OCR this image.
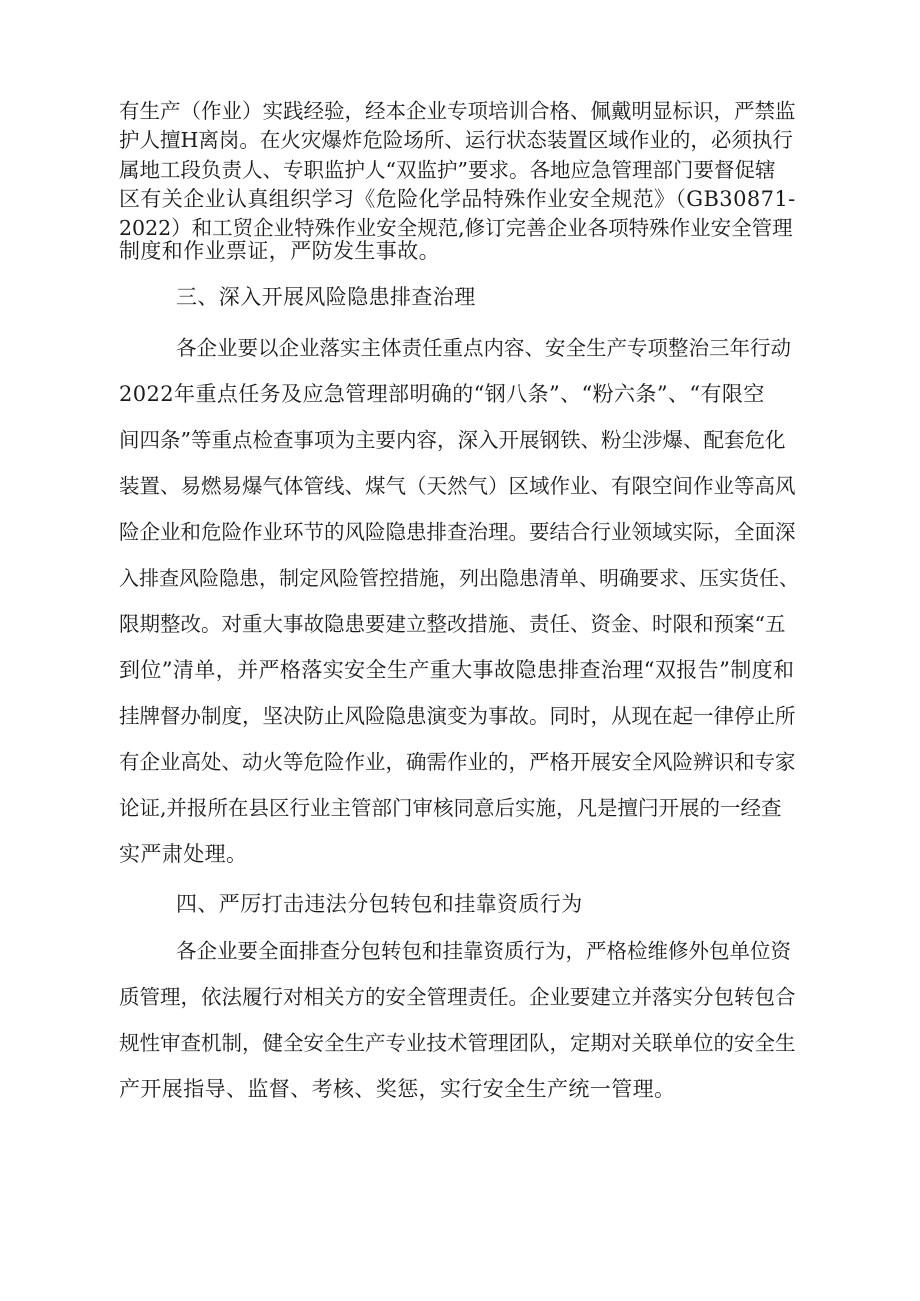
有生产（作业）实践经验，经本企业专项培训合格、佩戴明显标识，严禁监
护人擅H离岗。在火灾爆炸危险场所、运行状态装置区域作业的，必须执行
属地工段负责人、专职监护人“双监护”要求。各地应急管理部门要督促辖
区有关企业认真组织学习《危险化学品特殊作业安全规范》（GB30871-
2022）和工贸企业特殊作业安全规范,修订完善企业各项特殊作业安全管理
制度和作业票证，严防发生事故。
三、深入开展风险隐患排查治理
各企业要以企业落实主体责任重点内容、安全生产专项整治三年行动
2022年重点任务及应急管理部明确的“钢八条”、“粉六条”、“有限空
间四条”等重点检查事项为主要内容，深入开展钢铁、粉尘涉爆、配套危化
装置、易燃易爆气体管线、煤气（天然气）区域作业、有限空间作业等高风
险企业和危险作业环节的风险隐患排查治理。要结合行业领域实际，全面深
入排查风险隐患，制定风险管控措施，列出隐患清单、明确要求、压实货任、
限期整改。对重大事故隐患要建立整改措施、责任、资金、时限和预案“五
到位”清单，并严格落实安全生产重大事故隐患排查治理“双报告”制度和
挂牌督办制度，坚决防止风险隐患演变为事故。同时，从现在起一律停止所
有企业高处、动火等危险作业，确需作业的，严格开展安全风险辨识和专家
论证,并报所在县区行业主管部门审核同意后实施，凡是擅闩开展的一经查
实严肃处理。
四、严厉打击违法分包转包和挂靠资质行为
各企业要全面排查分包转包和挂靠资质行为，严格检维修外包单位资
质管理，依法履行对相关方的安全管理责任。企业要建立并落实分包转包合
规性审查机制，健全安全生产专业技术管理团队，定期对关联单位的安全生
产开展指导、监督、考核、奖惩，实行安全生产统一管理。
